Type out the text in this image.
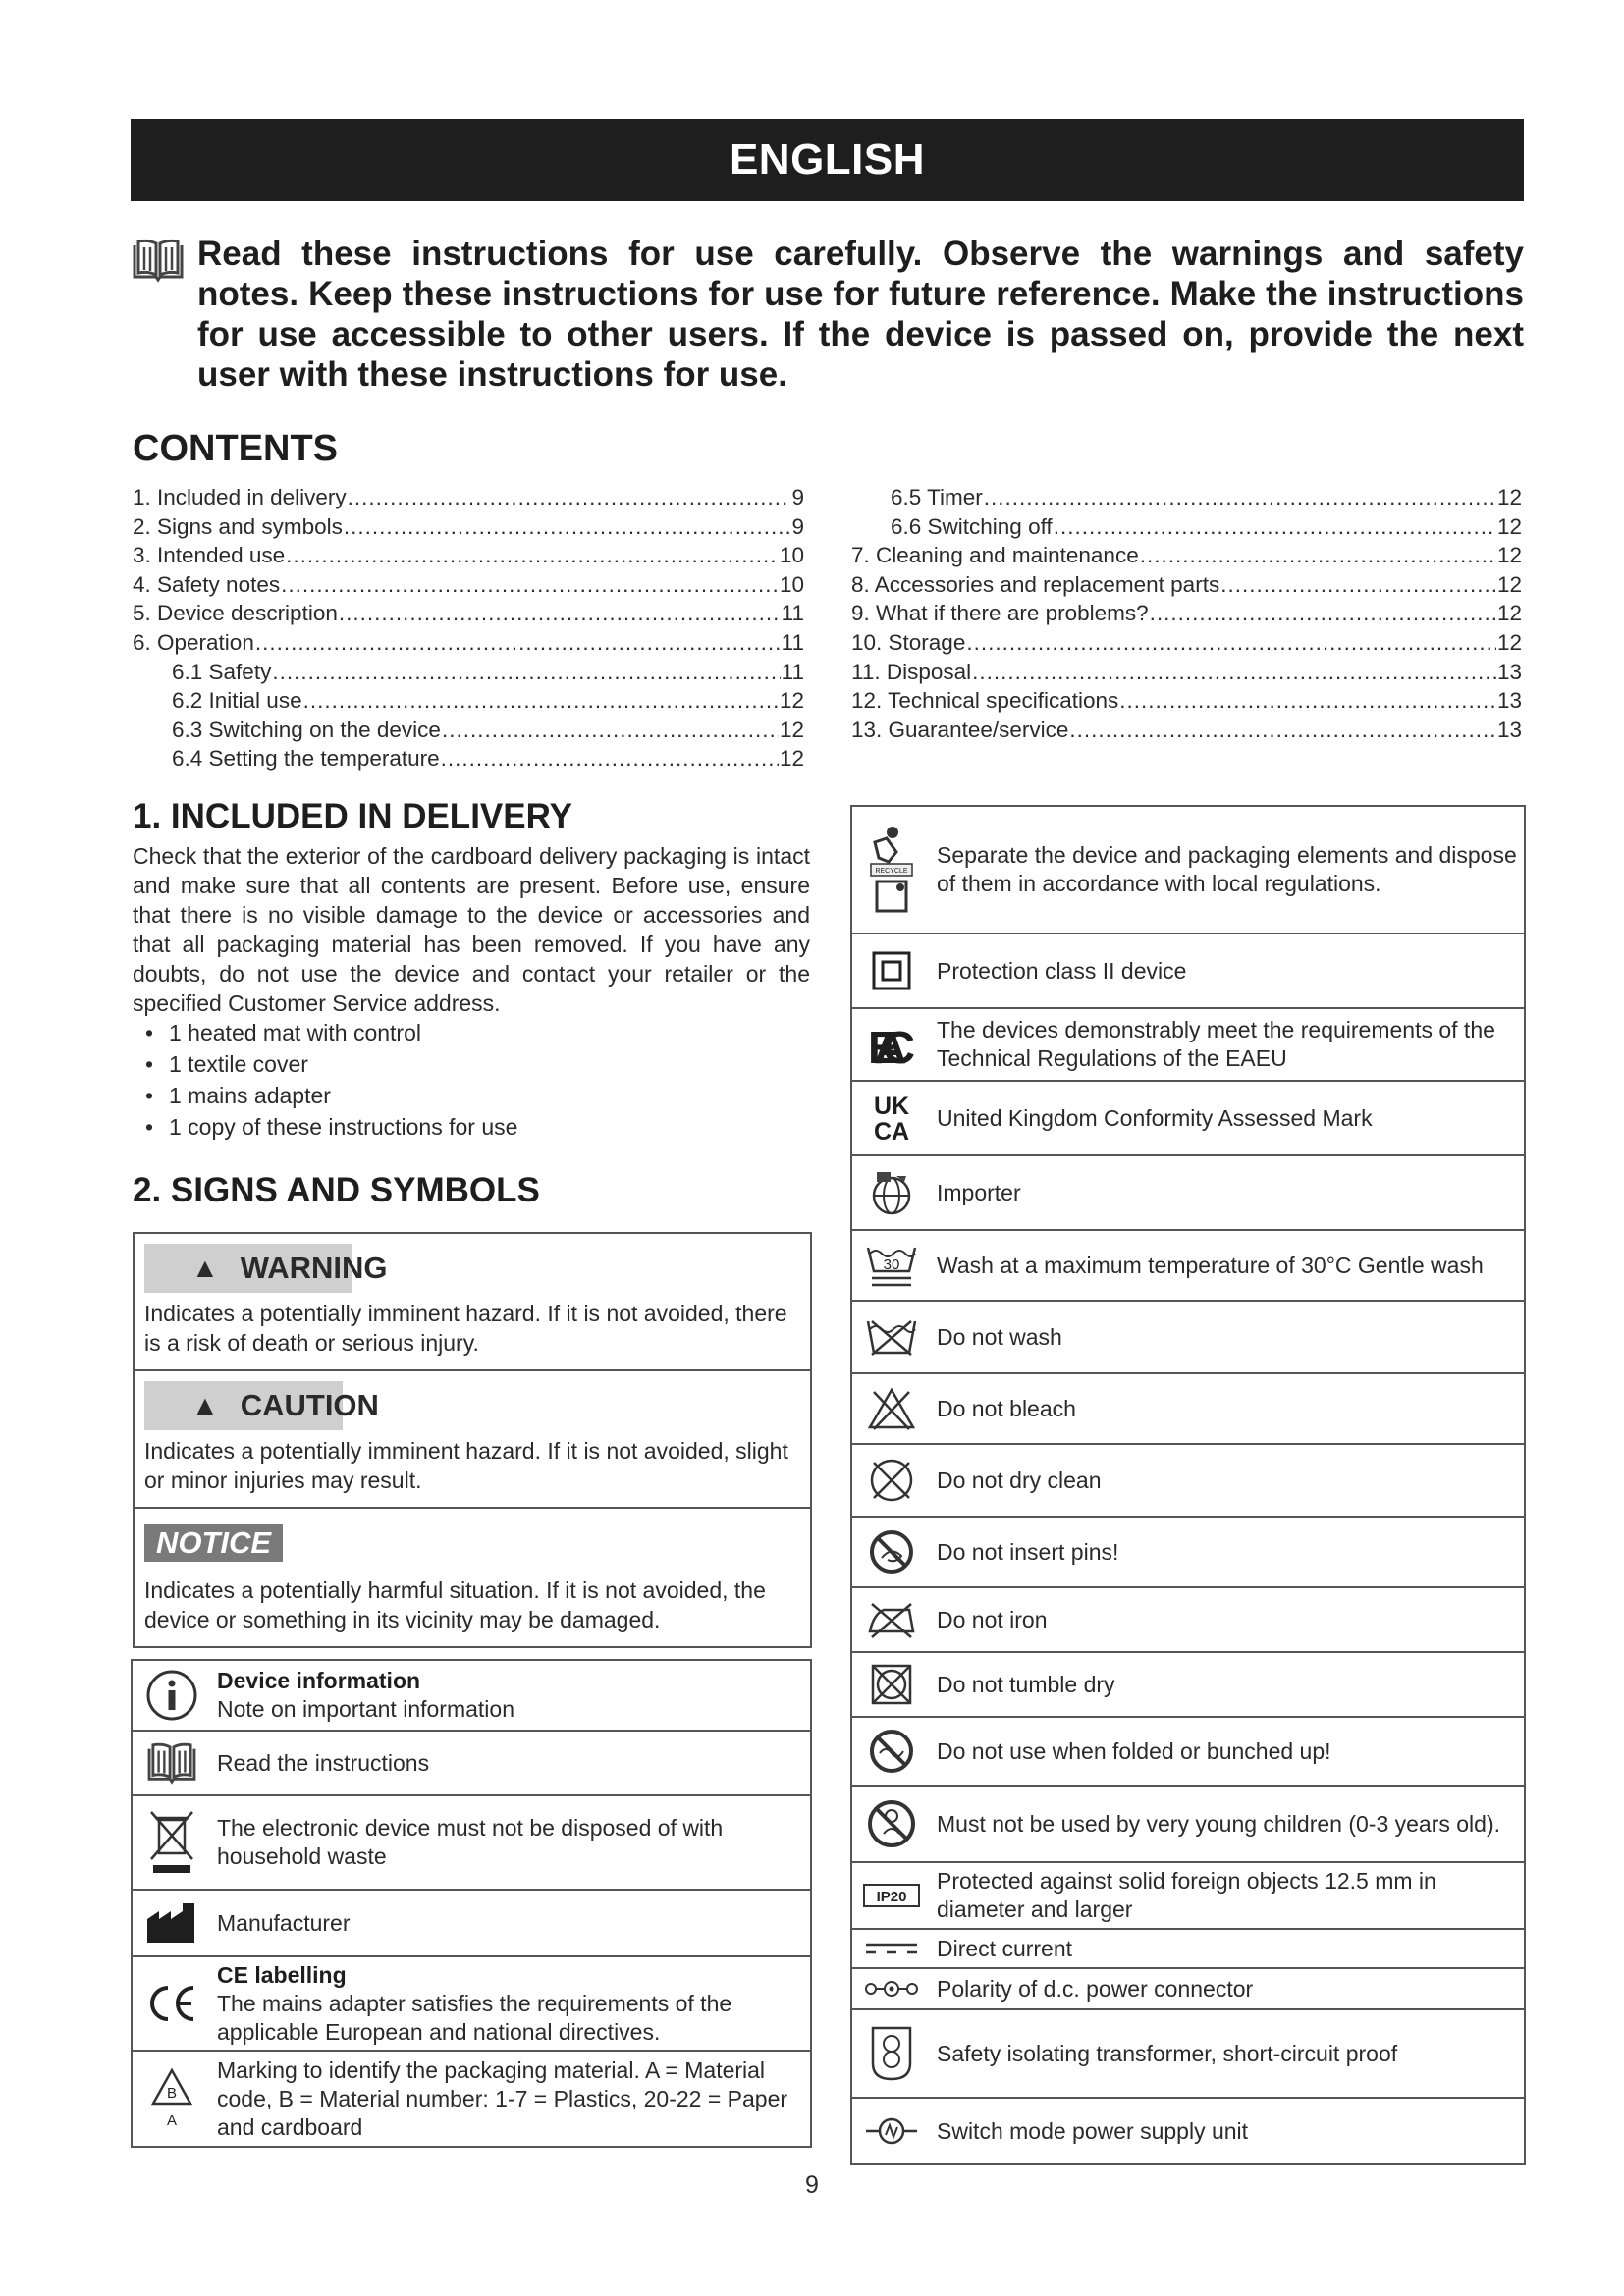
ENGLISH

Read these instructions for use carefully. Observe the warnings and safety notes. Keep these instructions for use for future reference. Make the instructions for use accessible to other users. If the device is passed on, provide the next user with these instructions for use.

CONTENTS
1. Included in delivery .....	9
2. Signs and symbols .....	9
3. Intended use .....	10
4. Safety notes .....	10
5. Device description .....	11
6. Operation .....	11
6.1 Safety .....	11
6.2 Initial use .....	12
6.3 Switching on the device .....	12
6.4 Setting the temperature .....	12
6.5 Timer .....	12
6.6 Switching off .....	12
7. Cleaning and maintenance .....	12
8. Accessories and replacement parts .....	12
9. What if there are problems? .....	12
10. Storage .....	12
11. Disposal .....	13
12. Technical specifications .....	13
13. Guarantee/service .....	13
1. INCLUDED IN DELIVERY

Check that the exterior of the cardboard delivery packaging is intact and make sure that all contents are present. Before use, ensure that there is no visible damage to the device or accessories and that all packaging material has been removed. If you have any doubts, do not use the device and contact your retailer or the specified Customer Service address.

• 1 heated mat with control
• 1 textile cover
• 1 mains adapter
• 1 copy of these instructions for use
2. SIGNS AND SYMBOLS
▲ WARNING
Indicates a potentially imminent hazard. If it is not avoided, there is a risk of death or serious injury.
▲ CAUTION
Indicates a potentially imminent hazard. If it is not avoided, slight or minor injuries may result.
NOTICE
Indicates a potentially harmful situation. If it is not avoided, the device or something in its vicinity may be damaged.
Device information
Note on important information
Read the instructions
The electronic device must not be disposed of with household waste
Manufacturer
CE labelling
The mains adapter satisfies the requirements of the applicable European and national directives.
B
A
Marking to identify the packaging material. A = Material code, B = Material number: 1-7 = Plastics, 20-22 = Paper and cardboard
RECYCLE
Separate the device and packaging elements and dispose of them in accordance with local regulations.
Protection class II device
EAC The devices demonstrably meet the requirements of the Technical Regulations of the EAEU
UK
CA
United Kingdom Conformity Assessed Mark
Importer
30 Wash at a maximum temperature of 30°C Gentle wash
Do not wash
Do not bleach
Do not dry clean
Do not insert pins!
Do not iron
Do not tumble dry
Do not use when folded or bunched up!
Must not be used by very young children (0-3 years old).
IP20
Protected against solid foreign objects 12.5 mm in diameter and larger
Direct current
Polarity of d.c. power connector
Safety isolating transformer, short-circuit proof
Switch mode power supply unit
9
